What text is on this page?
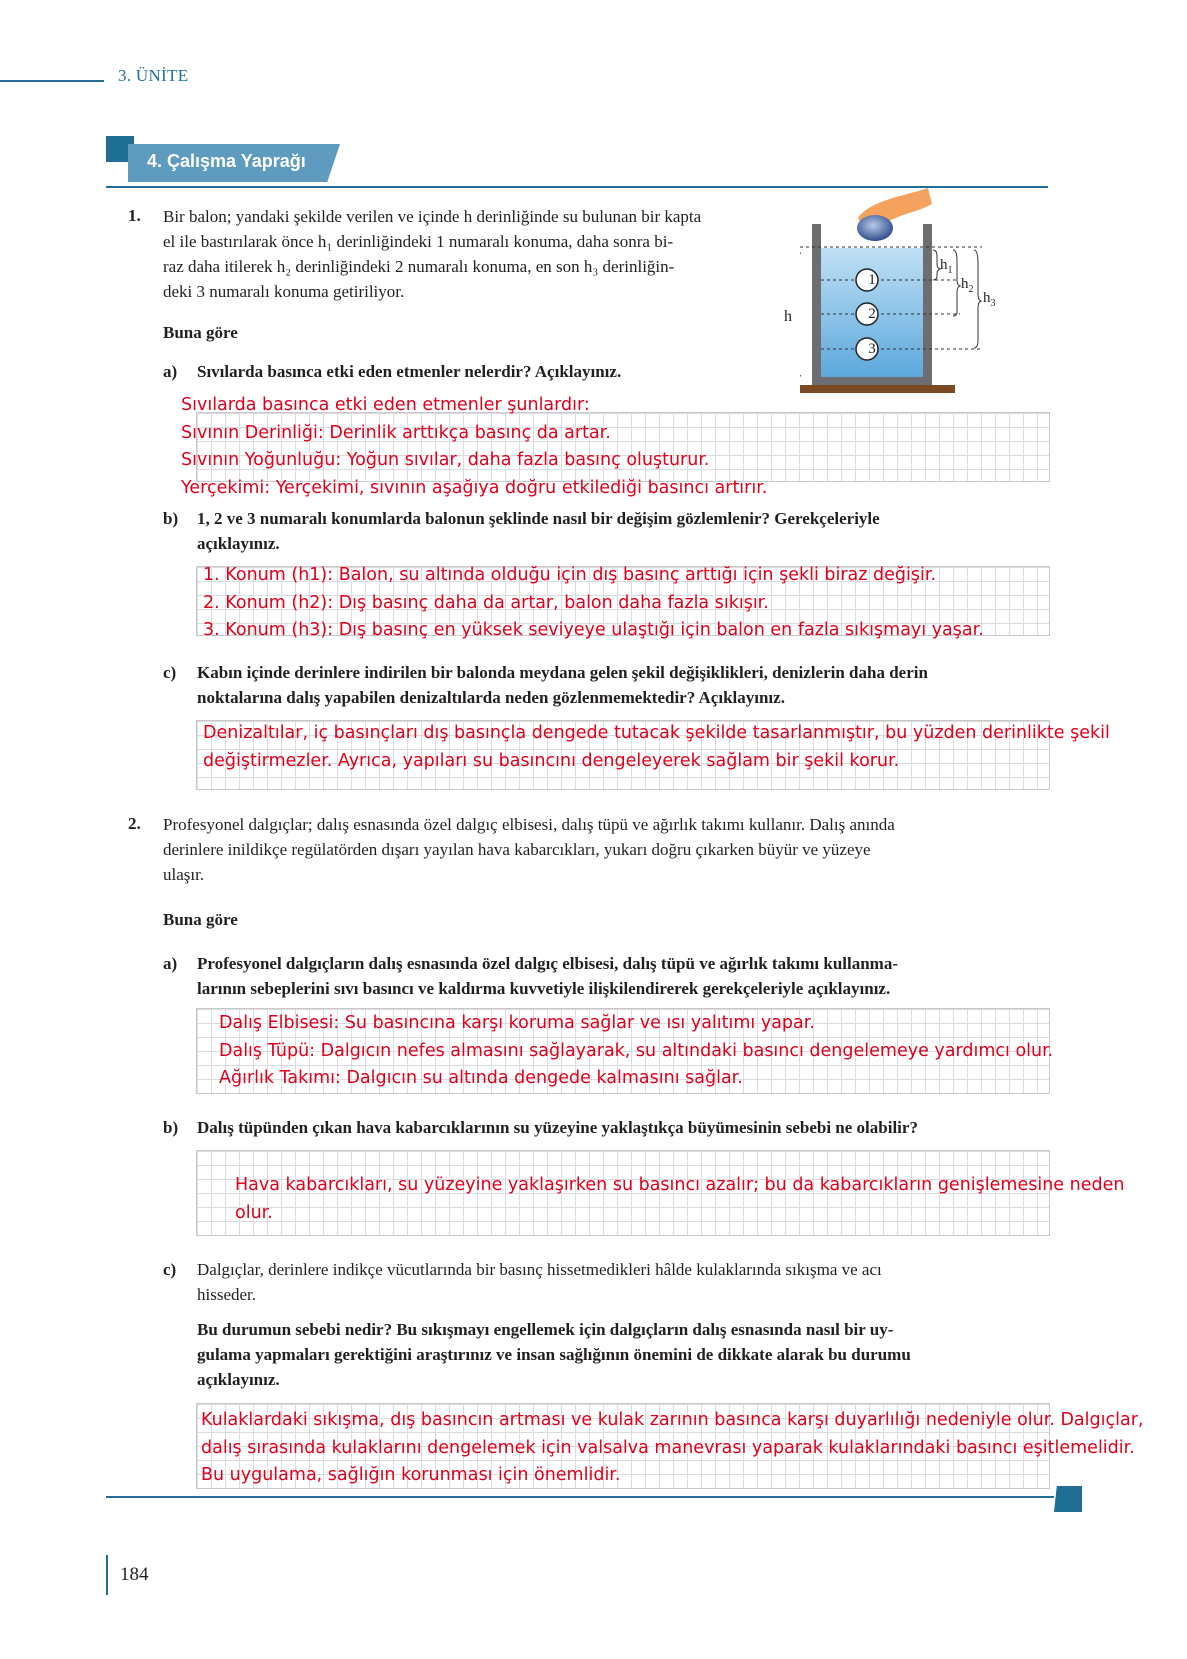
3. ÜNİTE
4. Çalışma Yaprağı
1. Bir balon; yandaki şekilde verilen ve içinde h derinliğinde su bulunan bir kapta
el ile bastırılarak önce h₁ derinliğindeki 1 numaralı konuma, daha sonra bi-
raz daha itilerek h₂ derinliğindeki 2 numaralı konuma, en son h₃ derinliğin-
deki 3 numaralı konuma getiriliyor.
Buna göre
h
1
2
3
$h_1$
$h_2$
$h_3$
a) Sıvılarda basınca etki eden etmenler nelerdir? Açıklayınız.
Sıvılarda basınca etki eden etmenler şunlardır:
Sıvının Derinliği: Derinlik arttıkça basınç da artar.
Sıvının Yoğunluğu: Yoğun sıvılar, daha fazla basınç oluşturur.
Yerçekimi: Yerçekimi, sıvının aşağıya doğru etkilediği basıncı artırır.
b) 1, 2 ve 3 numaralı konumlarda balonun şeklinde nasıl bir değişim gözlemlenir? Gerekçeleriyle
açıklayınız.
1. Konum (h1): Balon, su altında olduğu için dış basınç arttığı için şekli biraz değişir.
2. Konum (h2): Dış basınç daha da artar, balon daha fazla sıkışır.
3. Konum (h3): Dış basınç en yüksek seviyeye ulaştığı için balon en fazla sıkışmayı yaşar.
c) Kabın içinde derinlere indirilen bir balonda meydana gelen şekil değişiklikleri, denizlerin daha derin
noktalarına dalış yapabilen denizaltılarda neden gözlenmemektedir? Açıklayınız.
Denizaltılar, iç basınçları dış basınçla dengede tutacak şekilde tasarlanmıştır, bu yüzden derinlikte şekil
değiştirmezler. Ayrıca, yapıları su basıncını dengeleyerek sağlam bir şekil korur.
2. Profesyonel dalgıçlar; dalış esnasında özel dalgıç elbisesi, dalış tüpü ve ağırlık takımı kullanır. Dalış anında
derinlere inildikçe regülatörden dışarı yayılan hava kabarcıkları, yukarı doğru çıkarken büyür ve yüzeye
ulaşır.
Buna göre
a) Profesyonel dalgıçların dalış esnasında özel dalgıç elbisesi, dalış tüpü ve ağırlık takımı kullanma-
larının sebeplerini sıvı basıncı ve kaldırma kuvvetiyle ilişkilendirerek gerekçeleriyle açıklayınız.
Dalış Elbisesi: Su basıncına karşı koruma sağlar ve ısı yalıtımı yapar.
Dalış Tüpü: Dalgıcın nefes almasını sağlayarak, su altındaki basıncı dengelemeye yardımcı olur.
Ağırlık Takımı: Dalgıcın su altında dengede kalmasını sağlar.
b) Dalış tüpünden çıkan hava kabarcıklarının su yüzeyine yaklaştıkça büyümesinin sebebi ne olabilir?
Hava kabarcıkları, su yüzeyine yaklaşırken su basıncı azalır; bu da kabarcıkların genişlemesine neden
olur.
c) Dalgıçlar, derinlere indikçe vücutlarında bir basınç hissetmedikleri hâlde kulaklarında sıkışma ve acı
hisseder.
Bu durumun sebebi nedir? Bu sıkışmayı engellemek için dalgıçların dalış esnasında nasıl bir uy-
gulama yapmaları gerektiğini araştırınız ve insan sağlığının önemini de dikkate alarak bu durumu
açıklayınız.
Kulaklardaki sıkışma, dış basıncın artması ve kulak zarının basınca karşı duyarlılığı nedeniyle olur. Dalgıçlar,
dalış sırasında kulaklarını dengelemek için valsalva manevrası yaparak kulaklarındaki basıncı eşitlemelidir.
Bu uygulama, sağlığın korunması için önemlidir.
184
